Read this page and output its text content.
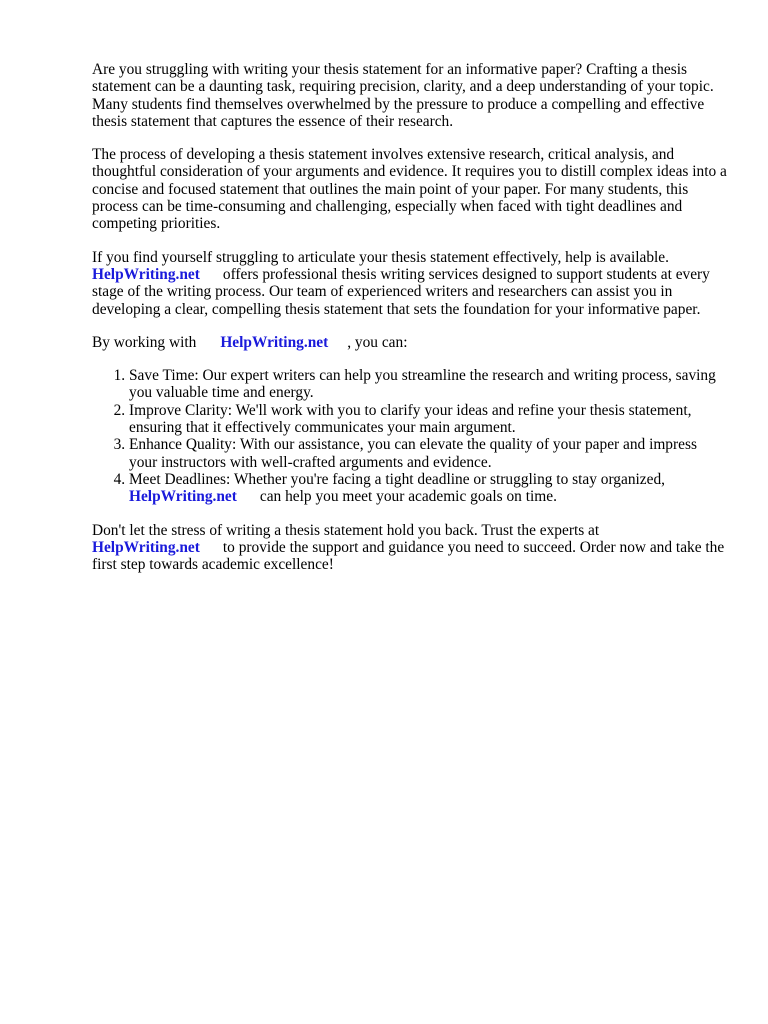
Are you struggling with writing your thesis statement for an informative paper? Crafting a thesis statement can be a daunting task, requiring precision, clarity, and a deep understanding of your topic. Many students find themselves overwhelmed by the pressure to produce a compelling and effective thesis statement that captures the essence of their research.

The process of developing a thesis statement involves extensive research, critical analysis, and thoughtful consideration of your arguments and evidence. It requires you to distill complex ideas into a concise and focused statement that outlines the main point of your paper. For many students, this process can be time-consuming and challenging, especially when faced with tight deadlines and competing priorities.

If you find yourself struggling to articulate your thesis statement effectively, help is available.
HelpWriting.net offers professional thesis writing services designed to support students at every stage of the writing process. Our team of experienced writers and researchers can assist you in developing a clear, compelling thesis statement that sets the foundation for your informative paper.

By working with HelpWriting.net , you can:

1. Save Time: Our expert writers can help you streamline the research and writing process, saving you valuable time and energy.
2. Improve Clarity: We'll work with you to clarify your ideas and refine your thesis statement, ensuring that it effectively communicates your main argument.
3. Enhance Quality: With our assistance, you can elevate the quality of your paper and impress your instructors with well-crafted arguments and evidence.
4. Meet Deadlines: Whether you're facing a tight deadline or struggling to stay organized,
HelpWriting.net can help you meet your academic goals on time.

Don't let the stress of writing a thesis statement hold you back. Trust the experts at
HelpWriting.net to provide the support and guidance you need to succeed. Order now and take the first step towards academic excellence!
